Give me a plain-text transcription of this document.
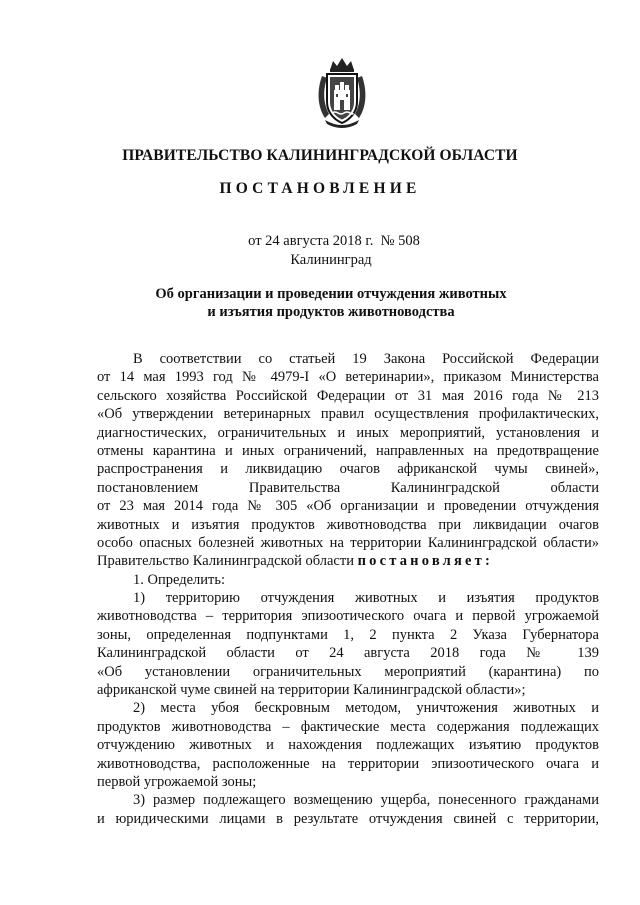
ПРАВИТЕЛЬСТВО КАЛИНИНГРАДСКОЙ ОБЛАСТИ
ПОСТАНОВЛЕНИЕ
от 24 августа 2018 г.  № 508
Калининград
Об организации и проведении отчуждения животных
и изъятия продуктов животноводства
В соответствии со статьей 19 Закона Российской Федерации
от 14 мая 1993 год № 4979-I «О ветеринарии», приказом Министерства
сельского хозяйства Российской Федерации от 31 мая 2016 года № 213
«Об утверждении ветеринарных правил осуществления профилактических,
диагностических, ограничительных и иных мероприятий, установления и
отмены карантина и иных ограничений, направленных на предотвращение
распространения и ликвидацию очагов африканской чумы свиней»,
постановлением Правительства Калининградской области
от 23 мая 2014 года № 305 «Об организации и проведении отчуждения
животных и изъятия продуктов животноводства при ликвидации очагов
особо опасных болезней животных на территории Калининградской области»
Правительство Калининградской области постановляет:
1. Определить:
1) территорию отчуждения животных и изъятия продуктов
животноводства – территория эпизоотического очага и первой угрожаемой
зоны, определенная подпунктами 1, 2 пункта 2 Указа Губернатора
Калининградской области от 24 августа 2018 года № 139
«Об установлении ограничительных мероприятий (карантина) по
африканской чуме свиней на территории Калининградской области»;
2) места убоя бескровным методом, уничтожения животных и
продуктов животноводства – фактические места содержания подлежащих
отчуждению животных и нахождения подлежащих изъятию продуктов
животноводства, расположенные на территории эпизоотического очага и
первой угрожаемой зоны;
3) размер подлежащего возмещению ущерба, понесенного гражданами
и юридическими лицами в результате отчуждения свиней с территории,
